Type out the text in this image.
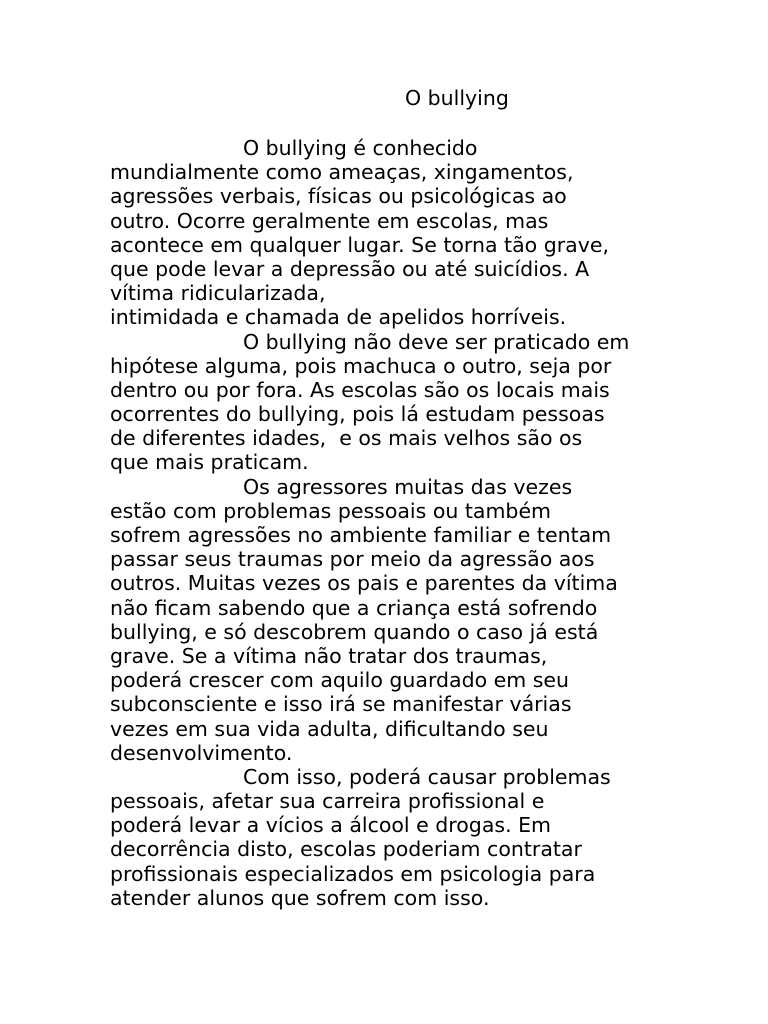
O bullying
O bullying é conhecido
mundialmente como ameaças, xingamentos,
agressões verbais, físicas ou psicológicas ao
outro. Ocorre geralmente em escolas, mas
acontece em qualquer lugar. Se torna tão grave,
que pode levar a depressão ou até suicídios. A
vítima ridicularizada,
intimidada e chamada de apelidos horríveis.
O bullying não deve ser praticado em
hipótese alguma, pois machuca o outro, seja por
dentro ou por fora. As escolas são os locais mais
ocorrentes do bullying, pois lá estudam pessoas
de diferentes idades,  e os mais velhos são os
que mais praticam.
Os agressores muitas das vezes
estão com problemas pessoais ou também
sofrem agressões no ambiente familiar e tentam
passar seus traumas por meio da agressão aos
outros. Muitas vezes os pais e parentes da vítima
não ficam sabendo que a criança está sofrendo
bullying, e só descobrem quando o caso já está
grave. Se a vítima não tratar dos traumas,
poderá crescer com aquilo guardado em seu
subconsciente e isso irá se manifestar várias
vezes em sua vida adulta, dificultando seu
desenvolvimento.
Com isso, poderá causar problemas
pessoais, afetar sua carreira profissional e
poderá levar a vícios a álcool e drogas. Em
decorrência disto, escolas poderiam contratar
profissionais especializados em psicologia para
atender alunos que sofrem com isso.
